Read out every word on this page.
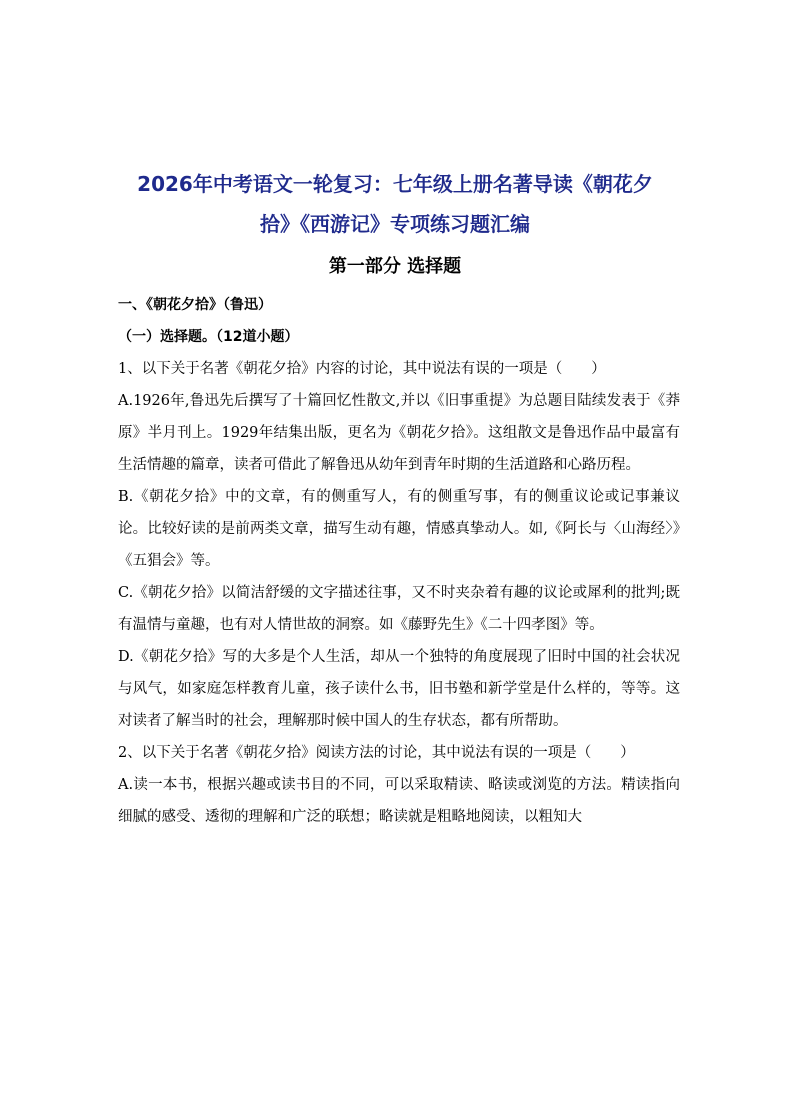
2026年中考语文一轮复习：七年级上册名著导读《朝花夕
拾》《西游记》专项练习题汇编
第一部分 选择题

一、《朝花夕拾》（鲁迅）

（一）选择题。（12道小题）

1、以下关于名著《朝花夕拾》内容的讨论，其中说法有误的一项是（　　）

A.1926年,鲁迅先后撰写了十篇回忆性散文,并以《旧事重提》为总题目陆续发表于《莽原》半月刊上。1929年结集出版，更名为《朝花夕拾》。这组散文是鲁迅作品中最富有生活情趣的篇章，读者可借此了解鲁迅从幼年到青年时期的生活道路和心路历程。

B.《朝花夕拾》中的文章，有的侧重写人，有的侧重写事，有的侧重议论或记事兼议论。比较好读的是前两类文章，描写生动有趣，情感真挚动人。如,《阿长与〈山海经〉》《五猖会》等。

C.《朝花夕拾》以简洁舒缓的文字描述往事，又不时夹杂着有趣的议论或犀利的批判;既有温情与童趣，也有对人情世故的洞察。如《藤野先生》《二十四孝图》等。

D.《朝花夕拾》写的大多是个人生活，却从一个独特的角度展现了旧时中国的社会状况与风气，如家庭怎样教育儿童，孩子读什么书，旧书塾和新学堂是什么样的，等等。这对读者了解当时的社会，理解那时候中国人的生存状态，都有所帮助。

2、以下关于名著《朝花夕拾》阅读方法的讨论，其中说法有误的一项是（　　）

A.读一本书，根据兴趣或读书目的不同，可以采取精读、略读或浏览的方法。精读指向细腻的感受、透彻的理解和广泛的联想；略读就是粗略地阅读，以粗知大
